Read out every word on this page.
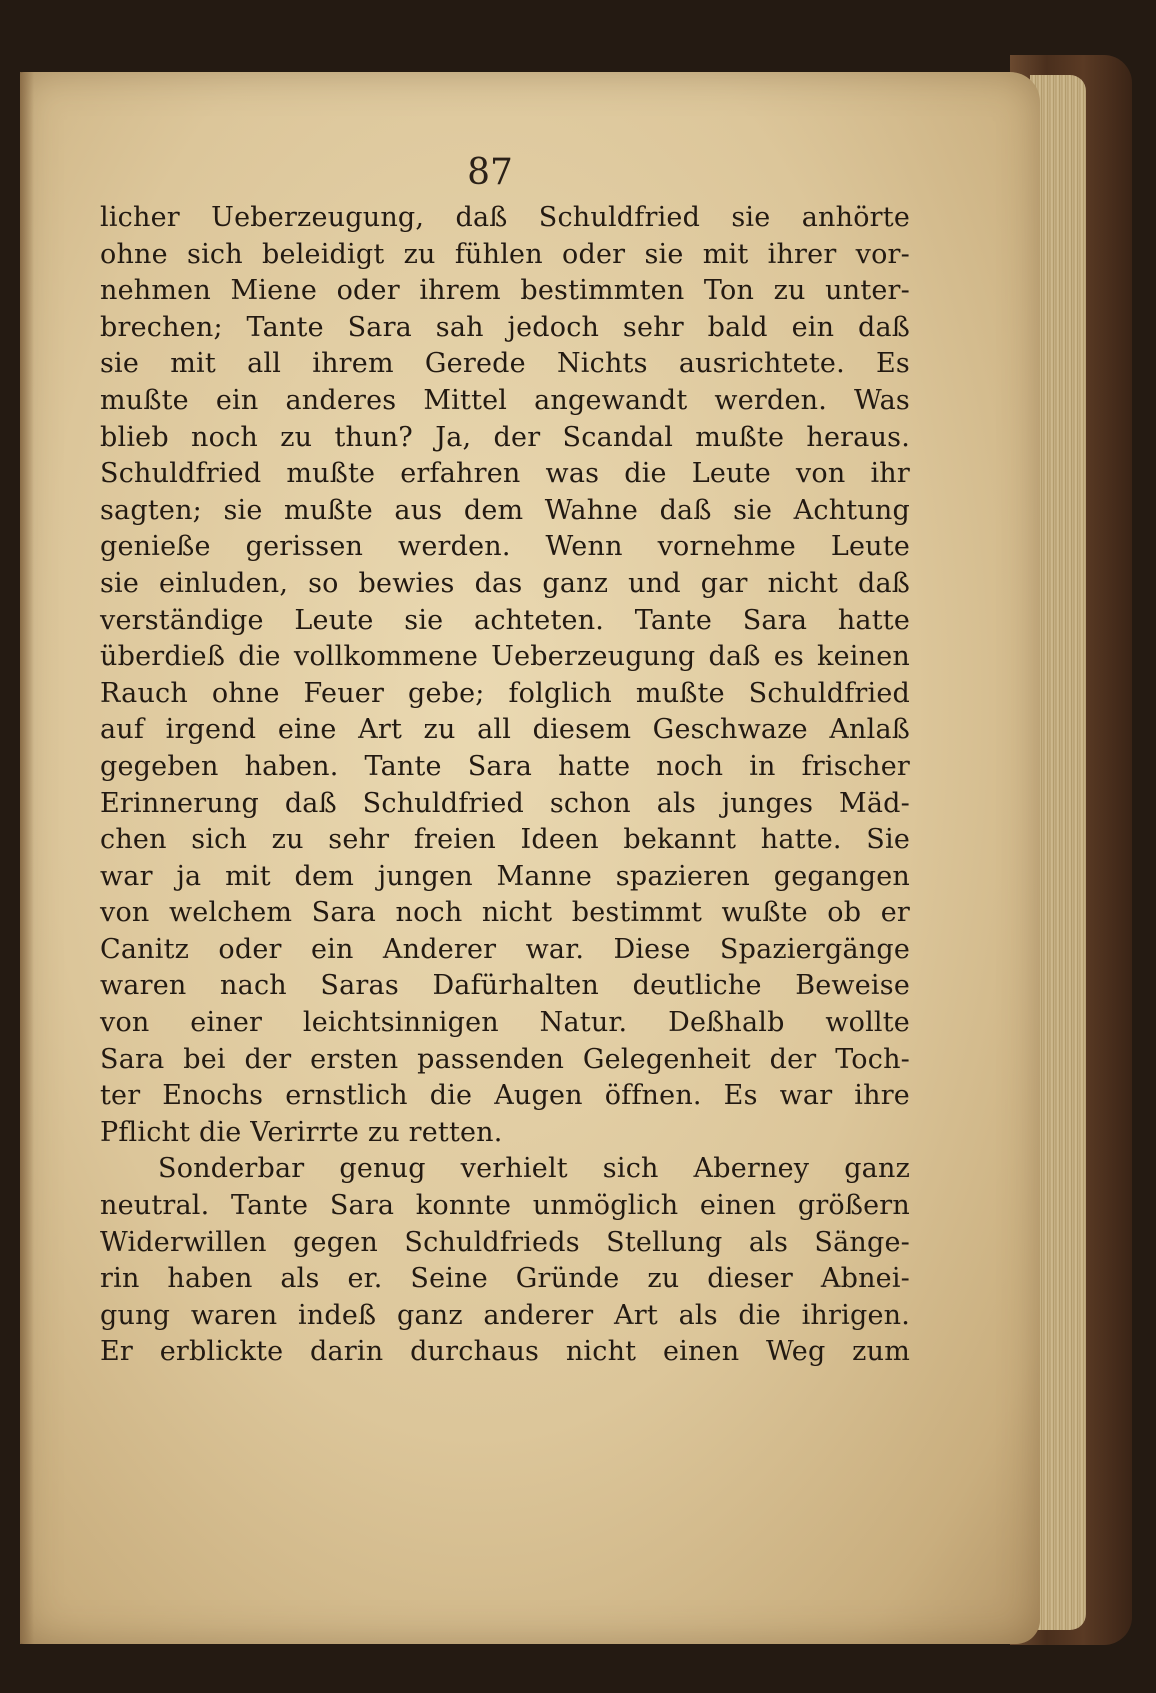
87
licher Ueberzeugung, daß Schuldfried sie anhörte
ohne sich beleidigt zu fühlen oder sie mit ihrer vor-
nehmen Miene oder ihrem bestimmten Ton zu unter-
brechen; Tante Sara sah jedoch sehr bald ein daß
sie mit all ihrem Gerede Nichts ausrichtete. Es
mußte ein anderes Mittel angewandt werden. Was
blieb noch zu thun? Ja, der Scandal mußte heraus.
Schuldfried mußte erfahren was die Leute von ihr
sagten; sie mußte aus dem Wahne daß sie Achtung
genieße gerissen werden. Wenn vornehme Leute
sie einluden, so bewies das ganz und gar nicht daß
verständige Leute sie achteten. Tante Sara hatte
überdieß die vollkommene Ueberzeugung daß es keinen
Rauch ohne Feuer gebe; folglich mußte Schuldfried
auf irgend eine Art zu all diesem Geschwaze Anlaß
gegeben haben. Tante Sara hatte noch in frischer
Erinnerung daß Schuldfried schon als junges Mäd-
chen sich zu sehr freien Ideen bekannt hatte. Sie
war ja mit dem jungen Manne spazieren gegangen
von welchem Sara noch nicht bestimmt wußte ob er
Canitz oder ein Anderer war. Diese Spaziergänge
waren nach Saras Dafürhalten deutliche Beweise
von einer leichtsinnigen Natur. Deßhalb wollte
Sara bei der ersten passenden Gelegenheit der Toch-
ter Enochs ernstlich die Augen öffnen. Es war ihre
Pflicht die Verirrte zu retten.
Sonderbar genug verhielt sich Aberney ganz
neutral. Tante Sara konnte unmöglich einen größern
Widerwillen gegen Schuldfrieds Stellung als Sänge-
rin haben als er. Seine Gründe zu dieser Abnei-
gung waren indeß ganz anderer Art als die ihrigen.
Er erblickte darin durchaus nicht einen Weg zum
